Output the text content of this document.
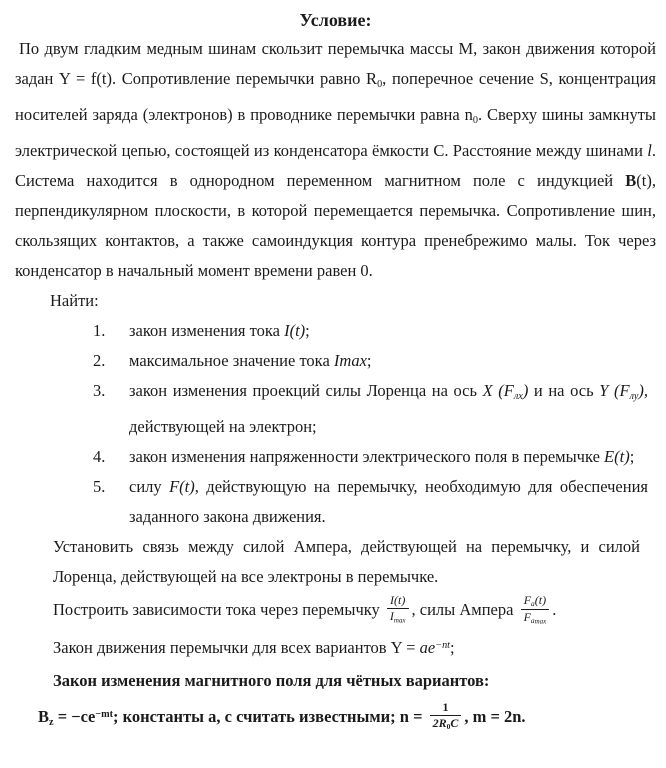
Условие:

По двум гладким медным шинам скользит перемычка массы M, закон движения которой задан Y = f(t). Сопротивление перемычки равно $R_0$, поперечное сечение S, концентрация носителей заряда (электронов) в проводнике перемычки равна $n_0$. Сверху шины замкнуты электрической цепью, состоящей из конденсатора ёмкости C. Расстояние между шинами l. Система находится в однородном переменном магнитном поле с индукцией B(t), перпендикулярном плоскости, в которой перемещается перемычка. Сопротивление шин, скользящих контактов, а также самоиндукция контура пренебрежимо малы. Ток через конденсатор в начальный момент времени равен 0.

Найти:

1.	закон изменения тока I(t);
2.	максимальное значение тока Imax;
3.	закон изменения проекций силы Лоренца на ось X $(F_{лх})$ и на ось Y $(F_{лу})$, действующей на электрон;
4.	закон изменения напряженности электрического поля в перемычке E(t);
5.	силу F(t), действующую на перемычку, необходимую для обеспечения заданного закона движения.

Установить связь между силой Ампера, действующей на перемычку, и силой Лоренца, действующей на все электроны в перемычке.

Построить зависимости тока через перемычку $\frac{I(t)}{I_{max}}$ , силы Ампера $\frac{F_a(t)}{F_{amax}}$ .

Закон движения перемычки для всех вариантов $Y = ae^{-nt}$;

Закон изменения магнитного поля для чётных вариантов:

$B_z = -ce^{-mt}$; константы a, c считать известными; $n = \frac{1}{2R_0C}$ , m = 2n.
